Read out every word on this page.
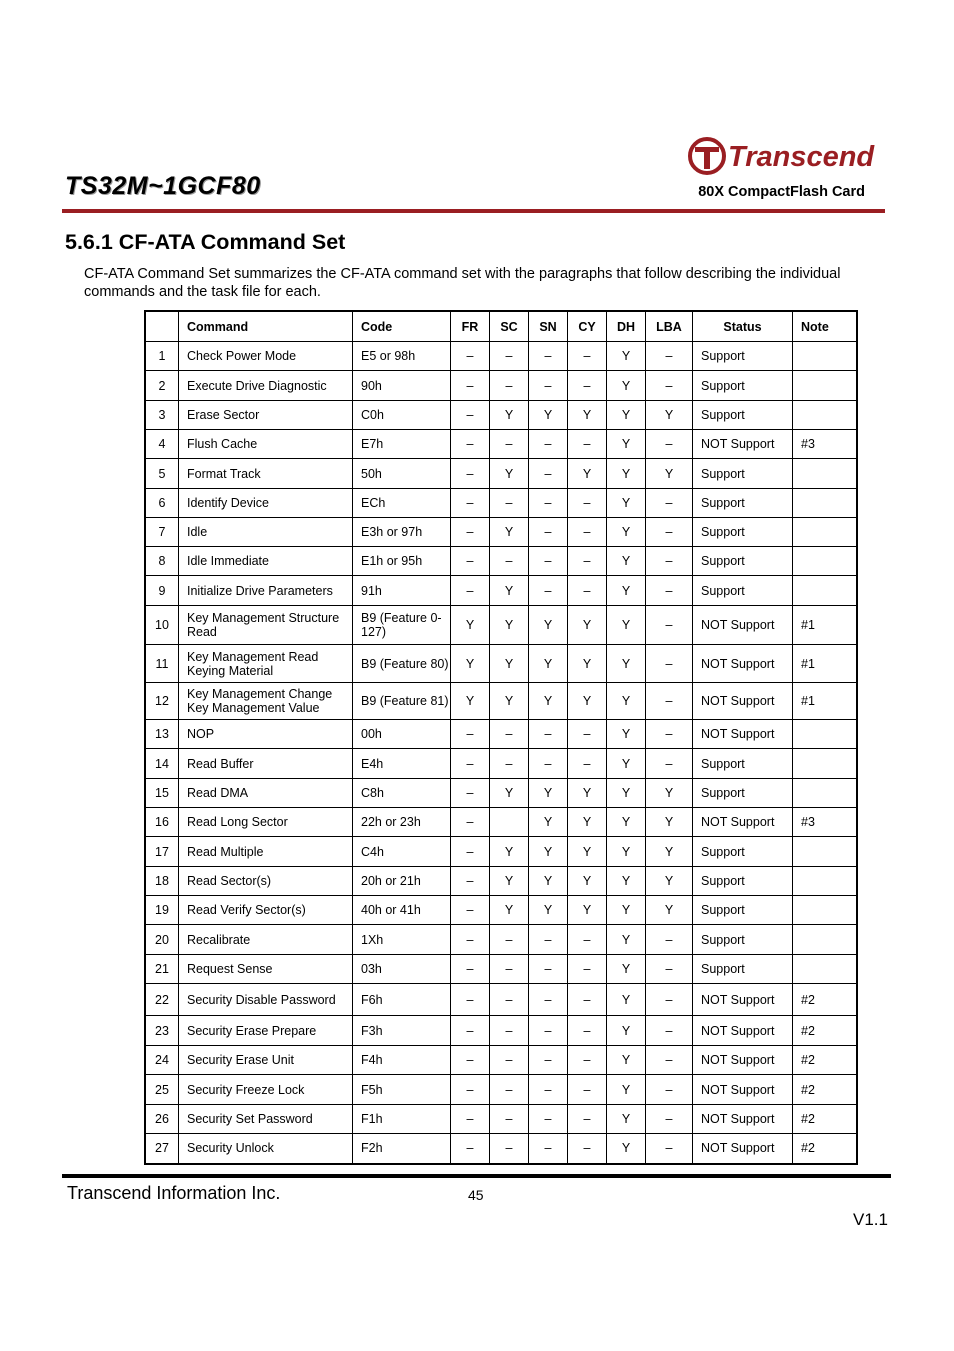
Transcend
TS32M~1GCF80	80X CompactFlash Card
5.6.1 CF-ATA Command Set
CF-ATA Command Set summarizes the CF-ATA command set with the paragraphs that follow describing the individual commands and the task file for each.
	Command	Code	FR	SC	SN	CY	DH	LBA	Status	Note
1	Check Power Mode	E5 or 98h	–	–	–	–	Y	–	Support	
2	Execute Drive Diagnostic	90h	–	–	–	–	Y	–	Support	
3	Erase Sector	C0h	–	Y	Y	Y	Y	Y	Support	
4	Flush Cache	E7h	–	–	–	–	Y	–	NOT Support	#3
5	Format Track	50h	–	Y	–	Y	Y	Y	Support	
6	Identify Device	ECh	–	–	–	–	Y	–	Support	
7	Idle	E3h or 97h	–	Y	–	–	Y	–	Support	
8	Idle Immediate	E1h or 95h	–	–	–	–	Y	–	Support	
9	Initialize Drive Parameters	91h	–	Y	–	–	Y	–	Support	
10	Key Management Structure Read	B9 (Feature 0-127)	Y	Y	Y	Y	Y	–	NOT Support	#1
11	Key Management Read Keying Material	B9 (Feature 80)	Y	Y	Y	Y	Y	–	NOT Support	#1
12	Key Management Change Key Management Value	B9 (Feature 81)	Y	Y	Y	Y	Y	–	NOT Support	#1
13	NOP	00h	–	–	–	–	Y	–	NOT Support	
14	Read Buffer	E4h	–	–	–	–	Y	–	Support	
15	Read DMA	C8h	–	Y	Y	Y	Y	Y	Support	
16	Read Long Sector	22h or 23h	–		Y	Y	Y	Y	NOT Support	#3
17	Read Multiple	C4h	–	Y	Y	Y	Y	Y	Support	
18	Read Sector(s)	20h or 21h	–	Y	Y	Y	Y	Y	Support	
19	Read Verify Sector(s)	40h or 41h	–	Y	Y	Y	Y	Y	Support	
20	Recalibrate	1Xh	–	–	–	–	Y	–	Support	
21	Request Sense	03h	–	–	–	–	Y	–	Support	
22	Security Disable Password	F6h	–	–	–	–	Y	–	NOT Support	#2
23	Security Erase Prepare	F3h	–	–	–	–	Y	–	NOT Support	#2
24	Security Erase Unit	F4h	–	–	–	–	Y	–	NOT Support	#2
25	Security Freeze Lock	F5h	–	–	–	–	Y	–	NOT Support	#2
26	Security Set Password	F1h	–	–	–	–	Y	–	NOT Support	#2
27	Security Unlock	F2h	–	–	–	–	Y	–	NOT Support	#2
Transcend Information Inc.	45
V1.1
